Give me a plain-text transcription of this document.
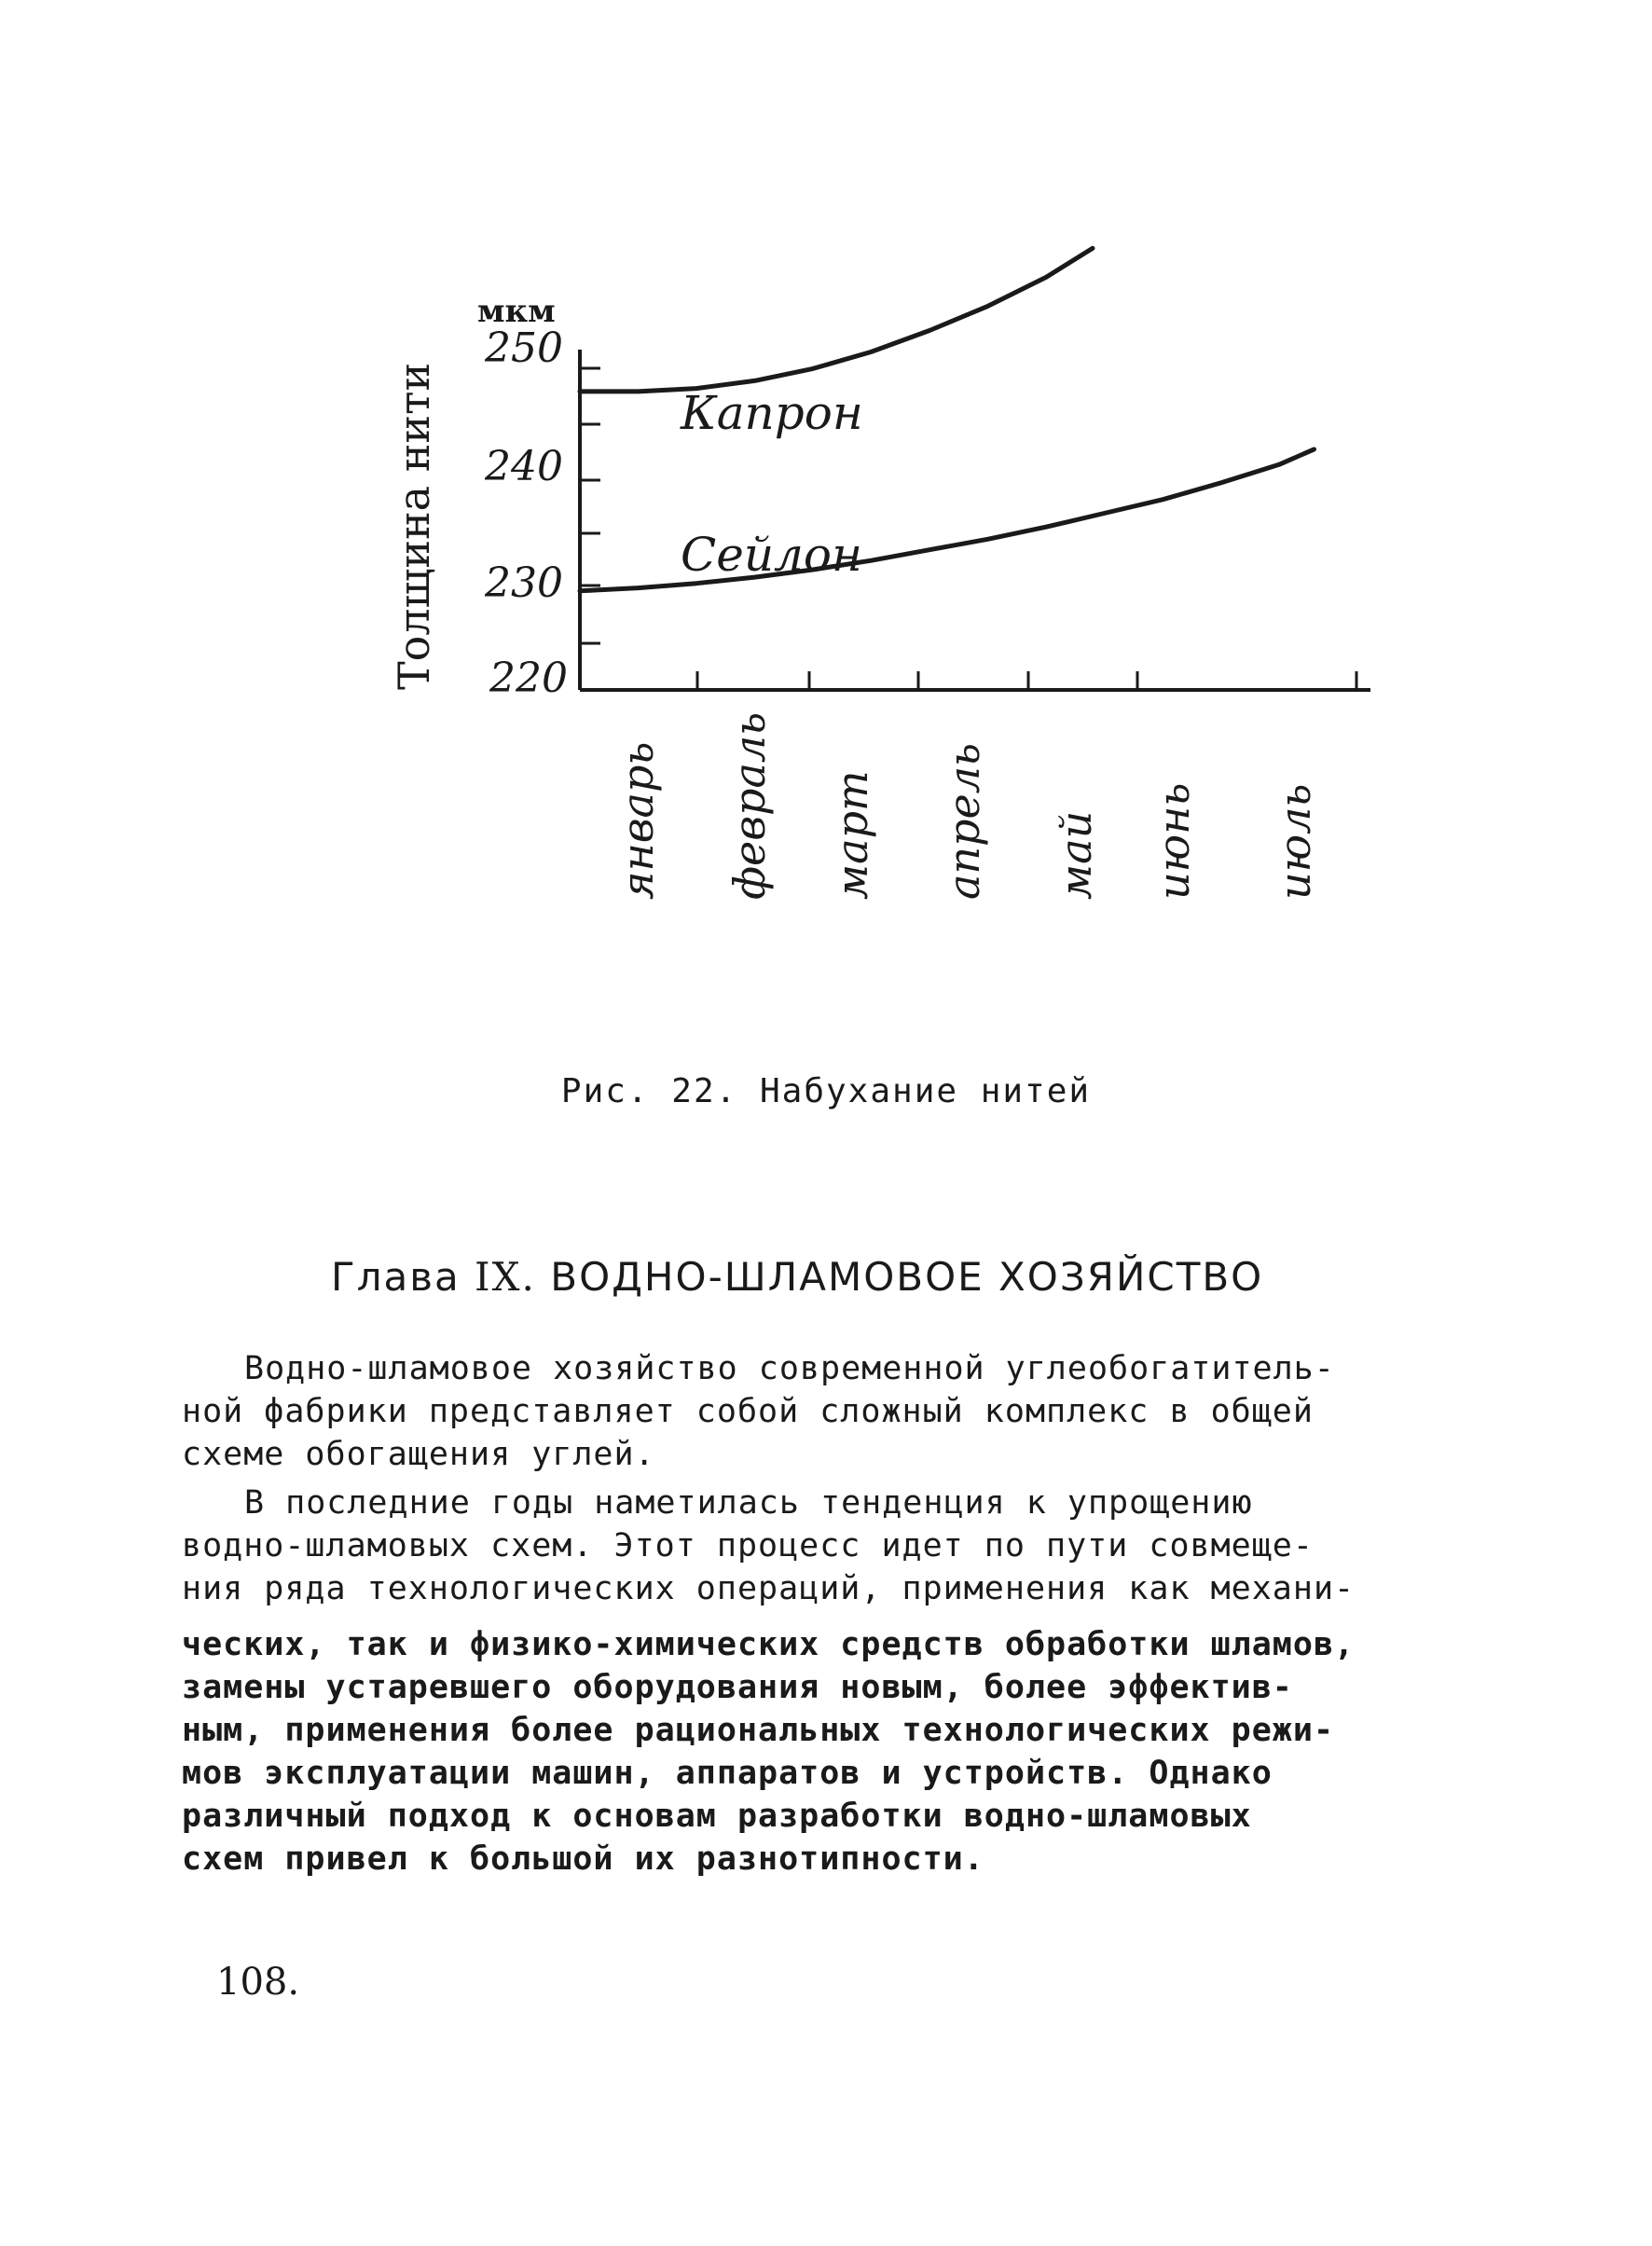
мкм
250
240
230
220
Толщина нити
январь февраль март апрель май июнь июль
Капрон
Сейлон
Рис. 22. Набухание нитей
Глава IX. ВОДНО-ШЛАМОВОЕ ХОЗЯЙСТВО
Водно-шламовое хозяйство современной углеобогатитель-
ной фабрики представляет собой сложный комплекс в общей
схеме обогащения углей.
В последние годы наметилась тенденция к упрощению
водно-шламовых схем. Этот процесс идет по пути совмеще-
ния ряда технологических операций, применения как механи-
ческих, так и физико-химических средств обработки шламов,
замены устаревшего оборудования новым, более эффектив-
ным, применения более рациональных технологических режи-
мов эксплуатации машин, аппаратов и устройств. Однако
различный подход к основам разработки водно-шламовых
схем привел к большой их разнотипности.
108.
